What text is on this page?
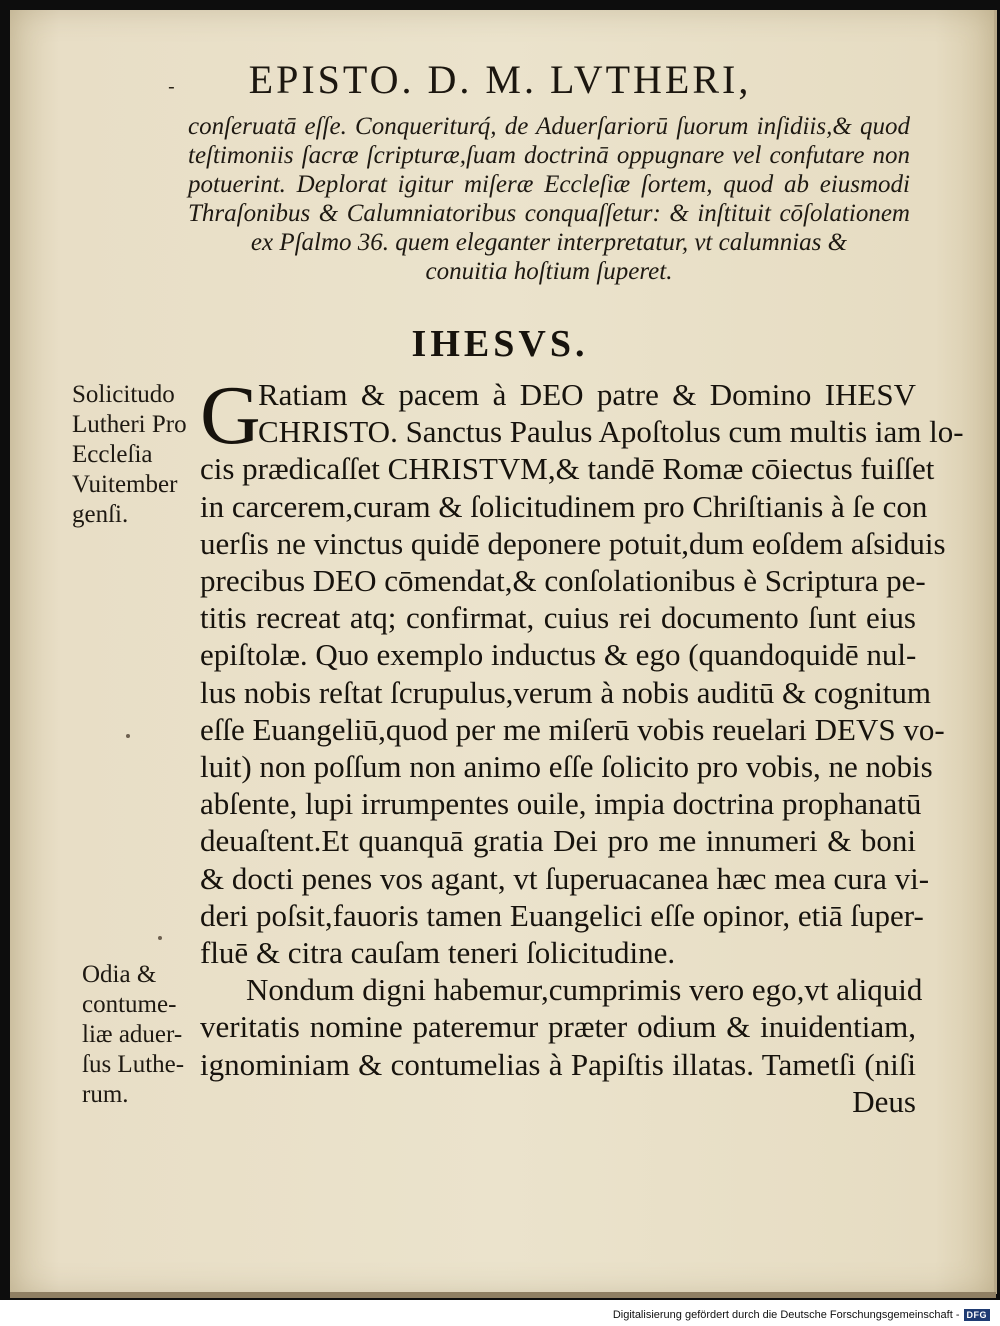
-	EPISTO. D. M. LVTHERI,
conſeruatā eſſe. Conqueriturq́, de Aduerſariorū ſuorum inſidiis,& quod
teſtimoniis ſacræ ſcripturæ,ſuam doctrinā oppugnare vel confutare non
potuerint. Deplorat igitur miſeræ Eccleſiæ ſortem, quod ab eiusmodi
Thraſonibus & Calumniatoribus conquaſſetur: & inſtituit cōſolationem
ex Pſalmo 36. quem eleganter interpretatur, vt calumnias &
conuitia hoſtium ſuperet.
IHESVS.
G
Ratiam & pacem à DEO patre & Domino IHESV
CHRISTO. Sanctus Paulus Apoſtolus cum multis iam lo-
cis prædicaſſet CHRISTVM,& tandē Romæ cōiectus fuiſſet
in carcerem,curam & ſolicitudinem pro Chriſtianis à ſe con
uerſis ne vinctus quidē deponere potuit,dum eoſdem aſsiduis
precibus DEO cōmendat,& conſolationibus è Scriptura pe-
titis recreat atq; confirmat, cuius rei documento ſunt eius
epiſtolæ. Quo exemplo inductus & ego (quandoquidē nul-
lus nobis reſtat ſcrupulus,verum à nobis auditū & cognitum
eſſe Euangeliū,quod per me miſerū vobis reuelari DEVS vo-
luit) non poſſum non animo eſſe ſolicito pro vobis, ne nobis
abſente, lupi irrumpentes ouile, impia doctrina prophanatū
deuaſtent.Et quanquā gratia Dei pro me innumeri & boni
& docti penes vos agant, vt ſuperuacanea hæc mea cura vi-
deri poſsit,fauoris tamen Euangelici eſſe opinor, etiā ſuper-
fluē & citra cauſam teneri ſolicitudine.
Nondum digni habemur,cumprimis vero ego,vt aliquid
veritatis nomine pateremur præter odium & inuidentiam,
ignominiam & contumelias à Papiſtis illatas. Tametſi (niſi
Deus
Solicitudo
Lutheri Pro
Eccleſia
Vuitember
genſi.
Odia &
contume-
liæ aduer-
ſus Luthe-
rum.
Digitalisierung gefördert durch die Deutsche Forschungsgemeinschaft - DFG
